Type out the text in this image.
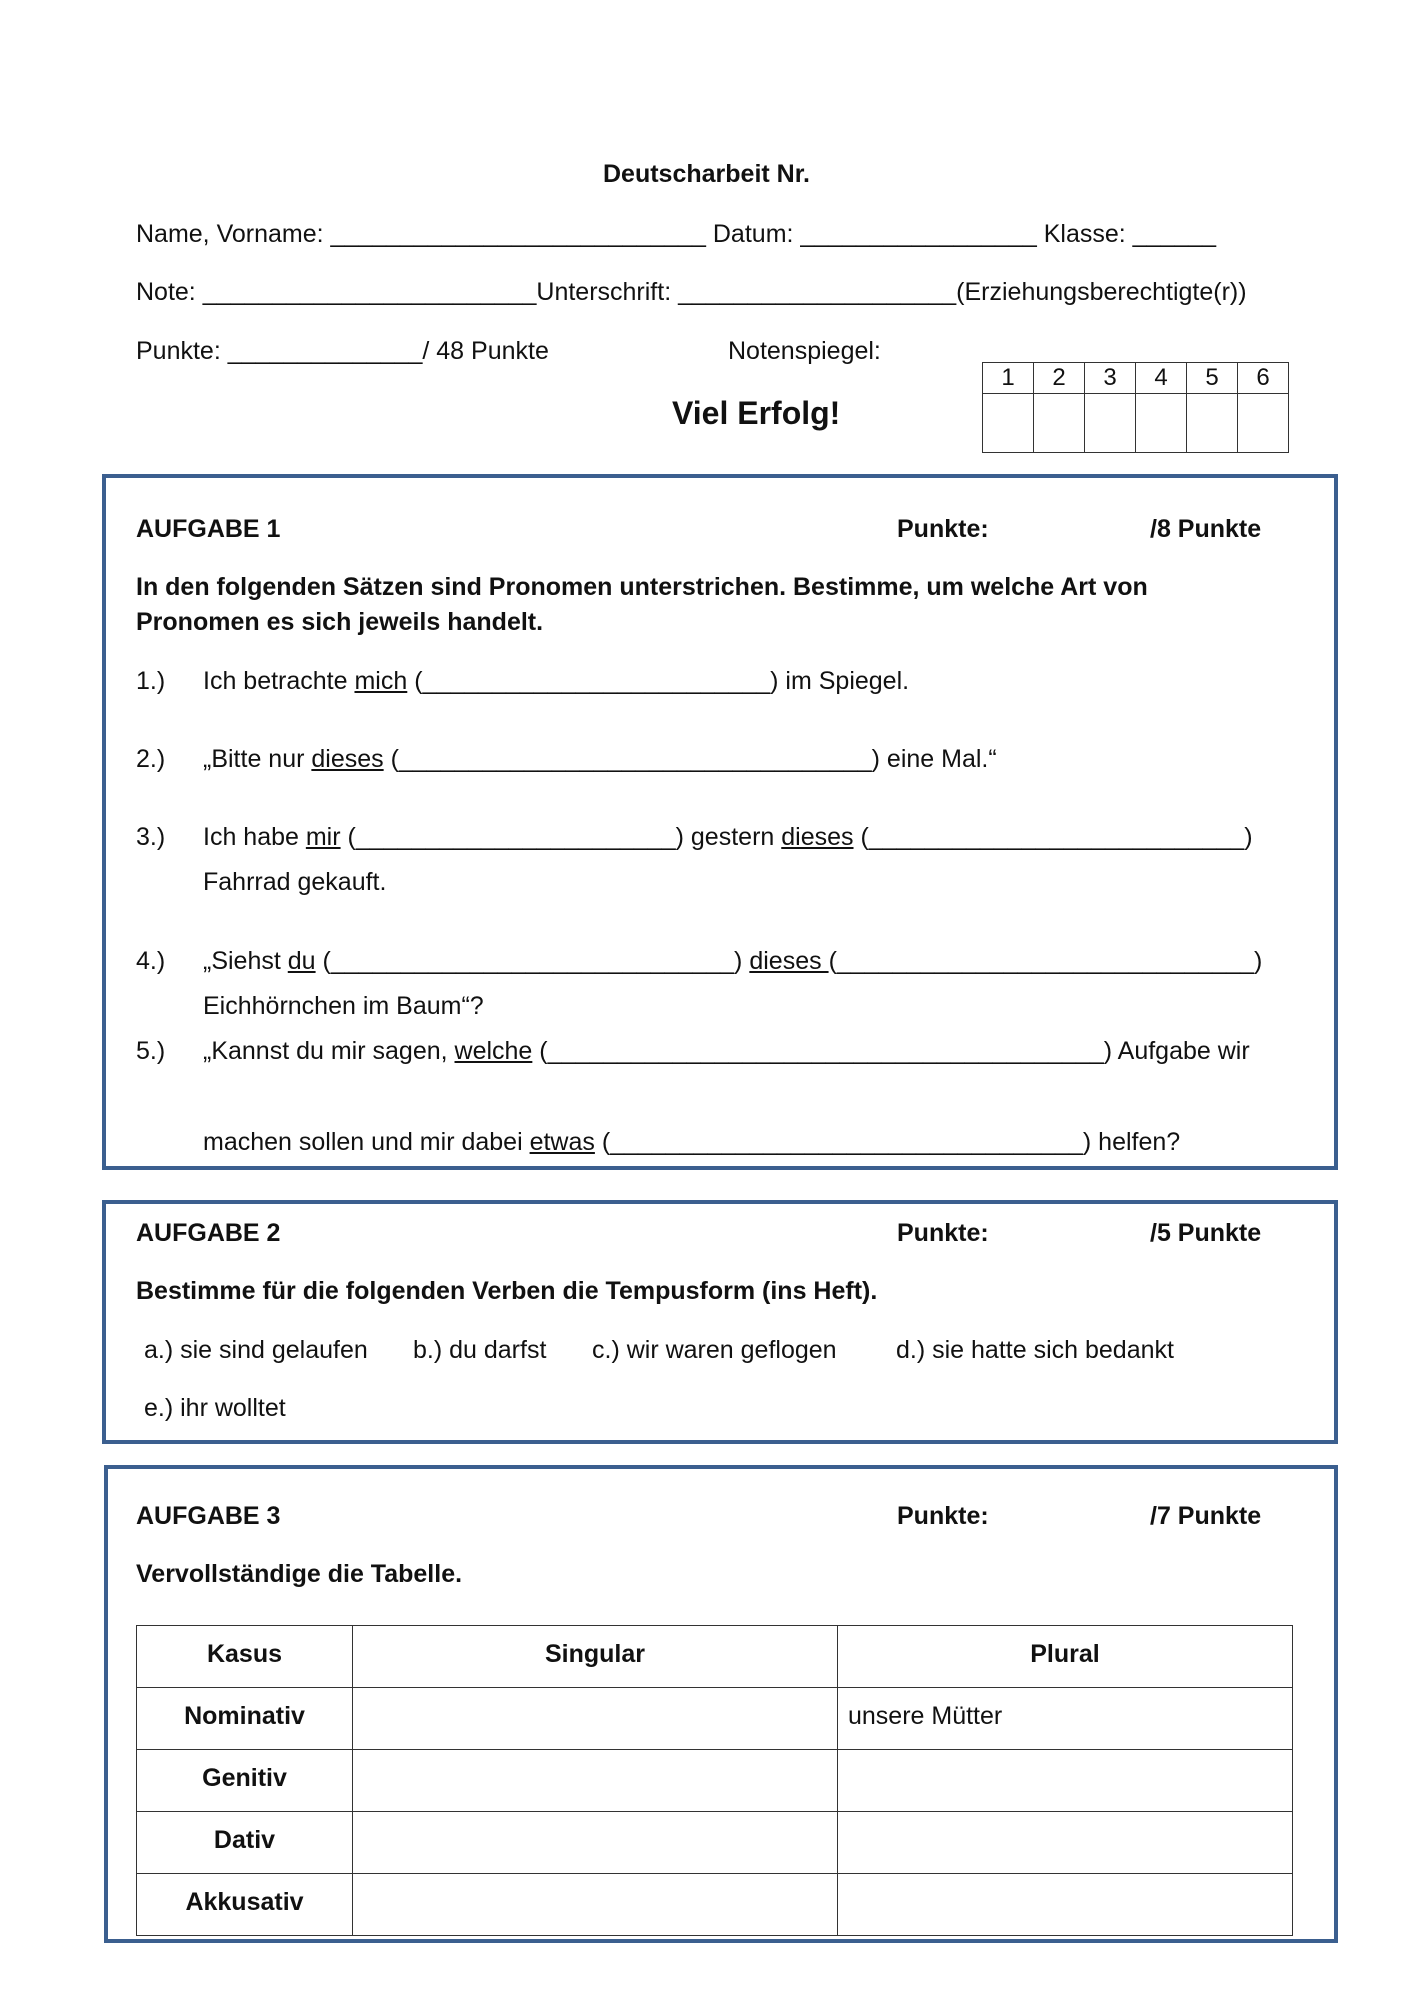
Deutscharbeit Nr.
Name, Vorname: ___________________________ Datum: _________________ Klasse: ______
Note: ________________________Unterschrift: ____________________(Erziehungsberechtigte(r))
Punkte: ______________/ 48 Punkte	Notenspiegel:
Viel Erfolg!
1	2	3	4	5	6

AUFGABE 1	Punkte:	/8 Punkte
In den folgenden Sätzen sind Pronomen unterstrichen. Bestimme, um welche Art von
Pronomen es sich jeweils handelt.
1.) Ich betrachte mich (_________________________) im Spiegel.
2.) „Bitte nur dieses (__________________________________) eine Mal.“
3.) Ich habe mir (_______________________) gestern dieses (___________________________)
Fahrrad gekauft.
4.) „Siehst du (_____________________________) dieses (______________________________)
Eichhörnchen im Baum“?
5.) „Kannst du mir sagen, welche (________________________________________) Aufgabe wir
machen sollen und mir dabei etwas (__________________________________) helfen?
AUFGABE 2	Punkte:	/5 Punkte
Bestimme für die folgenden Verben die Tempusform (ins Heft).
a.) sie sind gelaufen b.) du darfst c.) wir waren geflogen d.) sie hatte sich bedankt
e.) ihr wolltet
AUFGABE 3	Punkte:	/7 Punkte
Vervollständige die Tabelle.
Kasus	Singular	Plural
Nominativ		unsere Mütter
Genitiv		
Dativ		
Akkusativ		
